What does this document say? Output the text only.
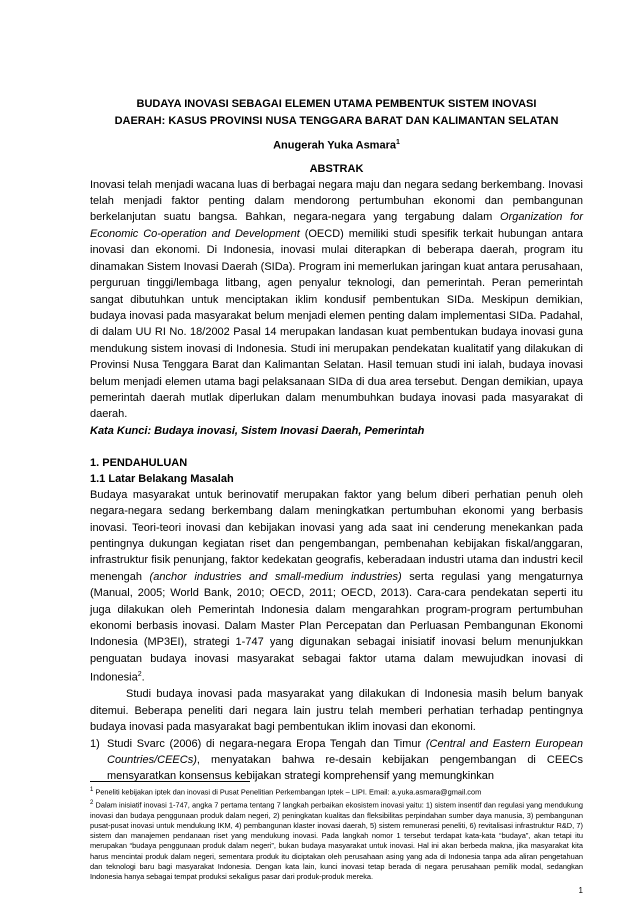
BUDAYA INOVASI SEBAGAI ELEMEN UTAMA PEMBENTUK SISTEM INOVASI
DAERAH: KASUS PROVINSI NUSA TENGGARA BARAT DAN KALIMANTAN SELATAN

Anugerah Yuka Asmara$^1$

ABSTRAK

Inovasi telah menjadi wacana luas di berbagai negara maju dan negara sedang berkembang. Inovasi telah menjadi faktor penting dalam mendorong pertumbuhan ekonomi dan pembangunan berkelanjutan suatu bangsa. Bahkan, negara-negara yang tergabung dalam Organization for Economic Co-operation and Development (OECD) memiliki studi spesifik terkait hubungan antara inovasi dan ekonomi. Di Indonesia, inovasi mulai diterapkan di beberapa daerah, program itu dinamakan Sistem Inovasi Daerah (SIDa). Program ini memerlukan jaringan kuat antara perusahaan, perguruan tinggi/lembaga litbang, agen penyalur teknologi, dan pemerintah. Peran pemerintah sangat dibutuhkan untuk menciptakan iklim kondusif pembentukan SIDa. Meskipun demikian, budaya inovasi pada masyarakat belum menjadi elemen penting dalam implementasi SIDa. Padahal, di dalam UU RI No. 18/2002 Pasal 14 merupakan landasan kuat pembentukan budaya inovasi guna mendukung sistem inovasi di Indonesia. Studi ini merupakan pendekatan kualitatif yang dilakukan di Provinsi Nusa Tenggara Barat dan Kalimantan Selatan. Hasil temuan studi ini ialah, budaya inovasi belum menjadi elemen utama bagi pelaksanaan SIDa di dua area tersebut. Dengan demikian, upaya pemerintah daerah mutlak diperlukan dalam menumbuhkan budaya inovasi pada masyarakat di daerah.

Kata Kunci: Budaya inovasi, Sistem Inovasi Daerah, Pemerintah

1. PENDAHULUAN

1.1 Latar Belakang Masalah

Budaya masyarakat untuk berinovatif merupakan faktor yang belum diberi perhatian penuh oleh negara-negara sedang berkembang dalam meningkatkan pertumbuhan ekonomi yang berbasis inovasi. Teori-teori inovasi dan kebijakan inovasi yang ada saat ini cenderung menekankan pada pentingnya dukungan kegiatan riset dan pengembangan, pembenahan kebijakan fiskal/anggaran, infrastruktur fisik penunjang, faktor kedekatan geografis, keberadaan industri utama dan industri kecil menengah (anchor industries and small-medium industries) serta regulasi yang mengaturnya (Manual, 2005; World Bank, 2010; OECD, 2011; OECD, 2013). Cara-cara pendekatan seperti itu juga dilakukan oleh Pemerintah Indonesia dalam mengarahkan program-program pertumbuhan ekonomi berbasis inovasi. Dalam Master Plan Percepatan dan Perluasan Pembangunan Ekonomi Indonesia (MP3EI), strategi 1-747 yang digunakan sebagai inisiatif inovasi belum menunjukkan penguatan budaya inovasi masyarakat sebagai faktor utama dalam mewujudkan inovasi di Indonesia$^2$.

Studi budaya inovasi pada masyarakat yang dilakukan di Indonesia masih belum banyak ditemui. Beberapa peneliti dari negara lain justru telah memberi perhatian terhadap pentingnya budaya inovasi pada masyarakat bagi pembentukan iklim inovasi dan ekonomi.

1) Studi Svarc (2006) di negara-negara Eropa Tengah dan Timur (Central and Eastern European Countries/CEECs), menyatakan bahwa re-desain kebijakan pengembangan di CEECs mensyaratkan konsensus kebijakan strategi komprehensif yang memungkinkan

$^1$ Peneliti kebijakan iptek dan inovasi di Pusat Penelitian Perkembangan Iptek – LIPI. Email: a.yuka.asmara@gmail.com

$^2$ Dalam inisiatif inovasi 1-747, angka 7 pertama tentang 7 langkah perbaikan ekosistem inovasi yaitu: 1) sistem insentif dan regulasi yang mendukung inovasi dan budaya penggunaan produk dalam negeri, 2) peningkatan kualitas dan fleksibilitas perpindahan sumber daya manusia, 3) pembangunan pusat-pusat inovasi untuk mendukung IKM, 4) pembangunan klaster inovasi daerah, 5) sistem remunerasi peneliti, 6) revitalisasi infrastruktur R&D, 7) sistem dan manajemen pendanaan riset yang mendukung inovasi. Pada langkah nomor 1 tersebut terdapat kata-kata “budaya”, akan tetapi itu merupakan “budaya penggunaan produk dalam negeri”, bukan budaya masyarakat untuk inovasi. Hal ini akan berbeda makna, jika masyarakat kita harus mencintai produk dalam negeri, sementara produk itu diciptakan oleh perusahaan asing yang ada di Indonesia tanpa ada aliran pengetahuan dan teknologi baru bagi masyarakat Indonesia. Dengan kata lain, kunci inovasi tetap berada di negara perusahaan pemilik modal, sedangkan Indonesia hanya sebagai tempat produksi sekaligus pasar dari produk-produk mereka.

1
